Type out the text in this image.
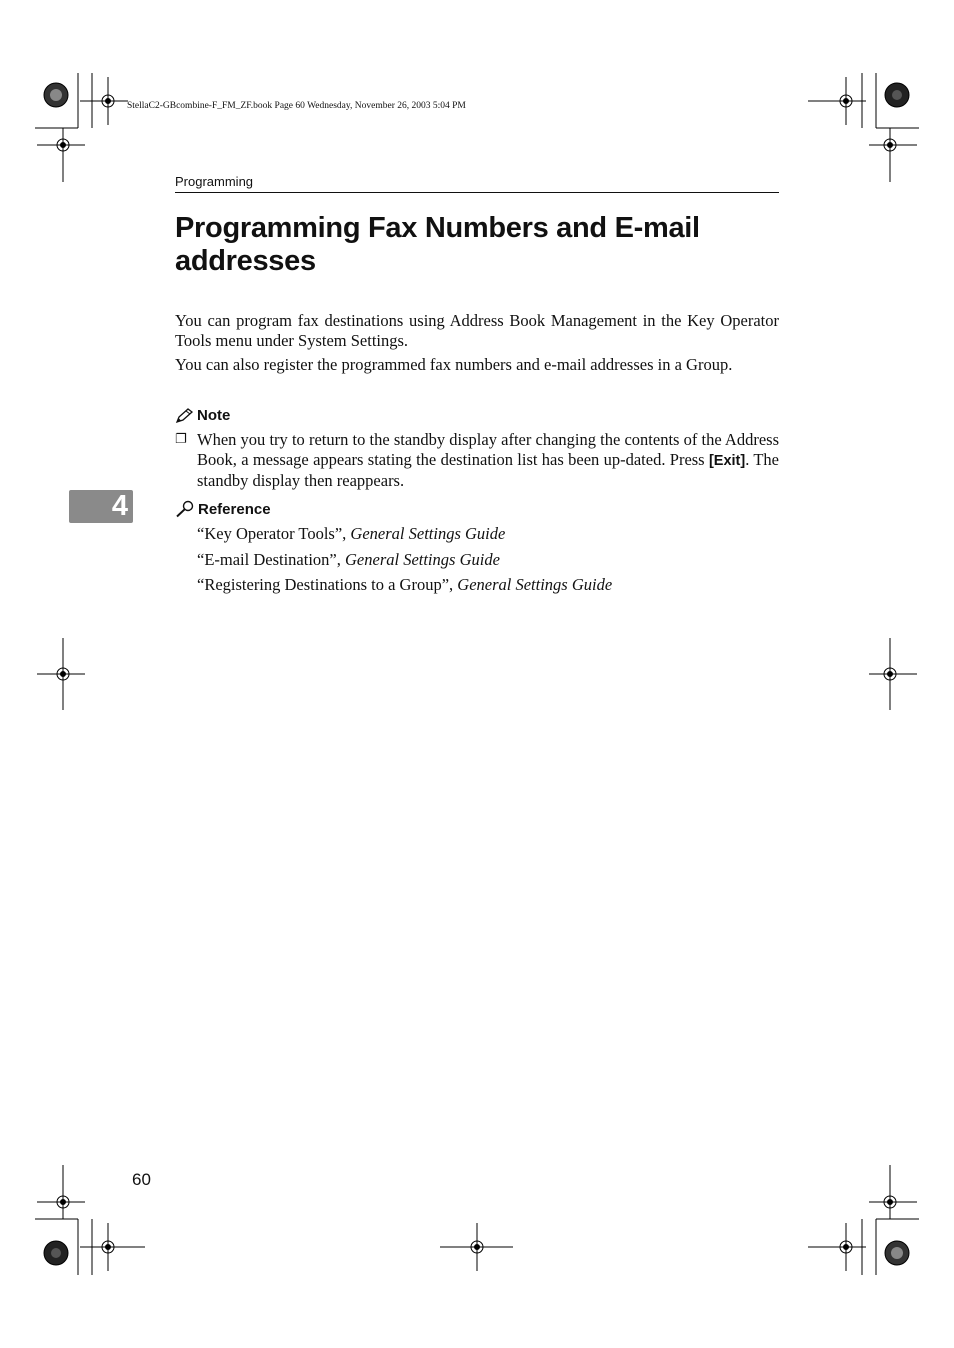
StellaC2-GBcombine-F_FM_ZF.book Page 60 Wednesday, November 26, 2003 5:04 PM
Programming
Programming Fax Numbers and E-mail addresses

You can program fax destinations using Address Book Management in the Key Operator Tools menu under System Settings.

You can also register the programmed fax numbers and e-mail addresses in a Group.

Note
❐ When you try to return to the standby display after changing the contents of the Address Book, a message appears stating the destination list has been up-dated. Press [Exit]. The standby display then reappears.
4	Reference
“Key Operator Tools”, General Settings Guide
“E-mail Destination”, General Settings Guide
“Registering Destinations to a Group”, General Settings Guide
60
